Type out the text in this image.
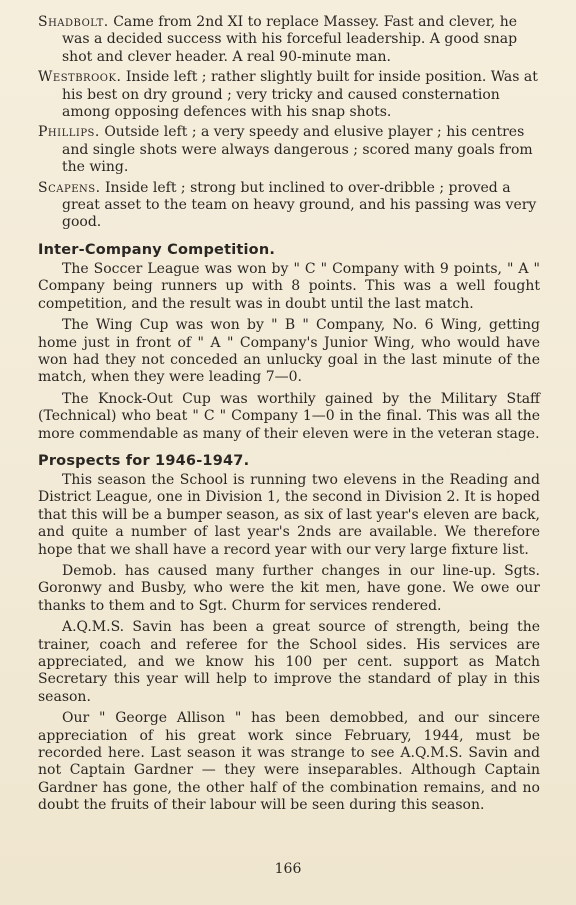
Shadbolt. Came from 2nd XI to replace Massey. Fast and clever, he was a decided success with his forceful leadership. A good snap shot and clever header. A real 90-minute man.

Westbrook. Inside left ; rather slightly built for inside position. Was at his best on dry ground ; very tricky and caused consternation among opposing defences with his snap shots.

Phillips. Outside left ; a very speedy and elusive player ; his centres and single shots were always dangerous ; scored many goals from the wing.

Scapens. Inside left ; strong but inclined to over-dribble ; proved a great asset to the team on heavy ground, and his passing was very good.

Inter-Company Competition.

The Soccer League was won by " C " Company with 9 points, " A " Company being runners up with 8 points. This was a well fought competition, and the result was in doubt until the last match.

The Wing Cup was won by " B " Company, No. 6 Wing, getting home just in front of " A " Company's Junior Wing, who would have won had they not conceded an unlucky goal in the last minute of the match, when they were leading 7—0.

The Knock-Out Cup was worthily gained by the Military Staff (Technical) who beat " C " Company 1—0 in the final. This was all the more commendable as many of their eleven were in the veteran stage.

Prospects for 1946-1947.

This season the School is running two elevens in the Reading and District League, one in Division 1, the second in Division 2. It is hoped that this will be a bumper season, as six of last year's eleven are back, and quite a number of last year's 2nds are available. We therefore hope that we shall have a record year with our very large fixture list.

Demob. has caused many further changes in our line-up. Sgts. Goronwy and Busby, who were the kit men, have gone. We owe our thanks to them and to Sgt. Churm for services rendered.

A.Q.M.S. Savin has been a great source of strength, being the trainer, coach and referee for the School sides. His services are appreciated, and we know his 100 per cent. support as Match Secretary this year will help to improve the standard of play in this season.

Our " George Allison " has been demobbed, and our sincere appreciation of his great work since February, 1944, must be recorded here. Last season it was strange to see A.Q.M.S. Savin and not Captain Gardner — they were inseparables. Although Captain Gardner has gone, the other half of the combination remains, and no doubt the fruits of their labour will be seen during this season.

166
